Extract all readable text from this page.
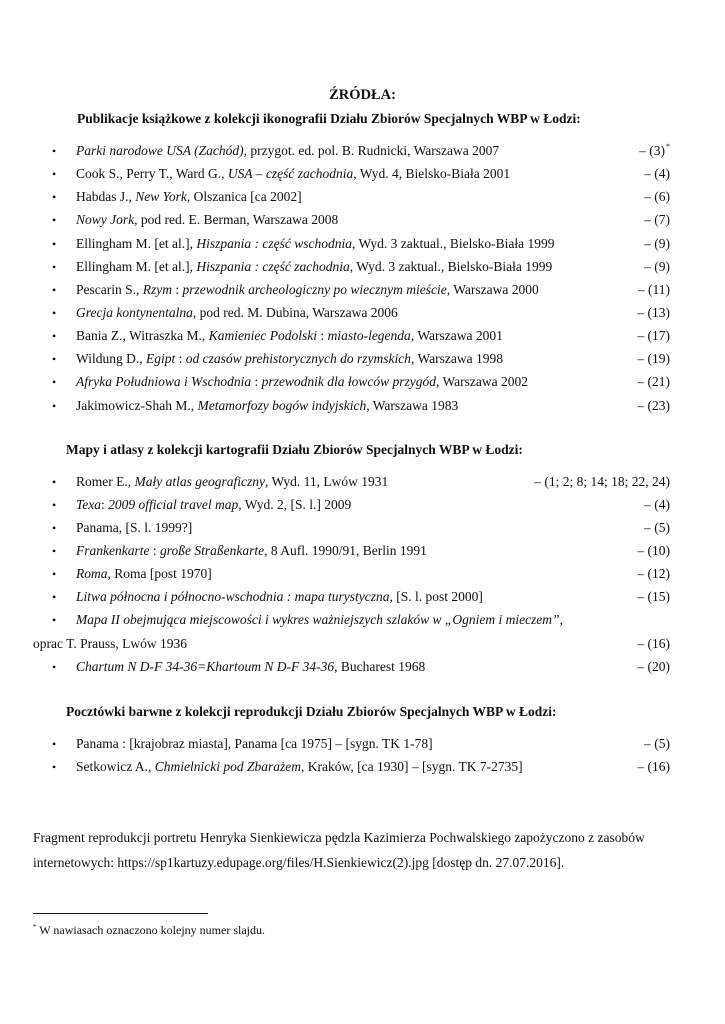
ŹRÓDŁA:
Publikacje książkowe z kolekcji ikonografii Działu Zbiorów Specjalnych WBP w Łodzi:
• Parki narodowe USA (Zachód), przygot. ed. pol. B. Rudnicki, Warszawa 2007	– (3)*
• Cook S., Perry T., Ward G., USA – część zachodnia, Wyd. 4, Bielsko-Biała 2001	– (4)
• Habdas J., New York, Olszanica [ca 2002]	– (6)
• Nowy Jork, pod red. E. Berman, Warszawa 2008	– (7)
• Ellingham M. [et al.], Hiszpania : część wschodnia, Wyd. 3 zaktual., Bielsko-Biała 1999	– (9)
• Ellingham M. [et al.], Hiszpania : część zachodnia, Wyd. 3 zaktual., Bielsko-Biała 1999	– (9)
• Pescarin S., Rzym : przewodnik archeologiczny po wiecznym mieście, Warszawa 2000	– (11)
• Grecja kontynentalna, pod red. M. Dubina, Warszawa 2006	– (13)
• Bania Z., Witraszka M., Kamieniec Podolski : miasto-legenda, Warszawa 2001	– (17)
• Wildung D., Egipt : od czasów prehistorycznych do rzymskich, Warszawa 1998	– (19)
• Afryka Południowa i Wschodnia : przewodnik dla łowców przygód, Warszawa 2002	– (21)
• Jakimowicz-Shah M., Metamorfozy bogów indyjskich, Warszawa 1983	– (23)
Mapy i atlasy z kolekcji kartografii Działu Zbiorów Specjalnych WBP w Łodzi:
• Romer E., Mały atlas geograficzny, Wyd. 11, Lwów 1931	– (1; 2; 8; 14; 18; 22, 24)
• Texa: 2009 official travel map, Wyd. 2, [S. l.] 2009	– (4)
• Panama, [S. l. 1999?]	– (5)
• Frankenkarte : große Straßenkarte, 8 Aufl. 1990/91, Berlin 1991	– (10)
• Roma, Roma [post 1970]	– (12)
• Litwa północna i północno-wschodnia : mapa turystyczna, [S. l. post 2000]	– (15)
• Mapa II obejmująca miejscowości i wykres ważniejszych szlaków w „Ogniem i mieczem”,
oprac T. Prauss, Lwów 1936	– (16)
• Chartum N D-F 34-36=Khartoum N D-F 34-36, Bucharest 1968	– (20)
Pocztówki barwne z kolekcji reprodukcji Działu Zbiorów Specjalnych WBP w Łodzi:
• Panama : [krajobraz miasta], Panama [ca 1975] – [sygn. TK 1-78]	– (5)
• Setkowicz A., Chmielnicki pod Zbarażem, Kraków, [ca 1930] – [sygn. TK 7-2735]	– (16)
Fragment reprodukcji portretu Henryka Sienkiewicza pędzla Kazimierza Pochwalskiego zapożyczono z zasobów internetowych: https://sp1kartuzy.edupage.org/files/H.Sienkiewicz(2).jpg [dostęp dn. 27.07.2016].
* W nawiasach oznaczono kolejny numer slajdu.
